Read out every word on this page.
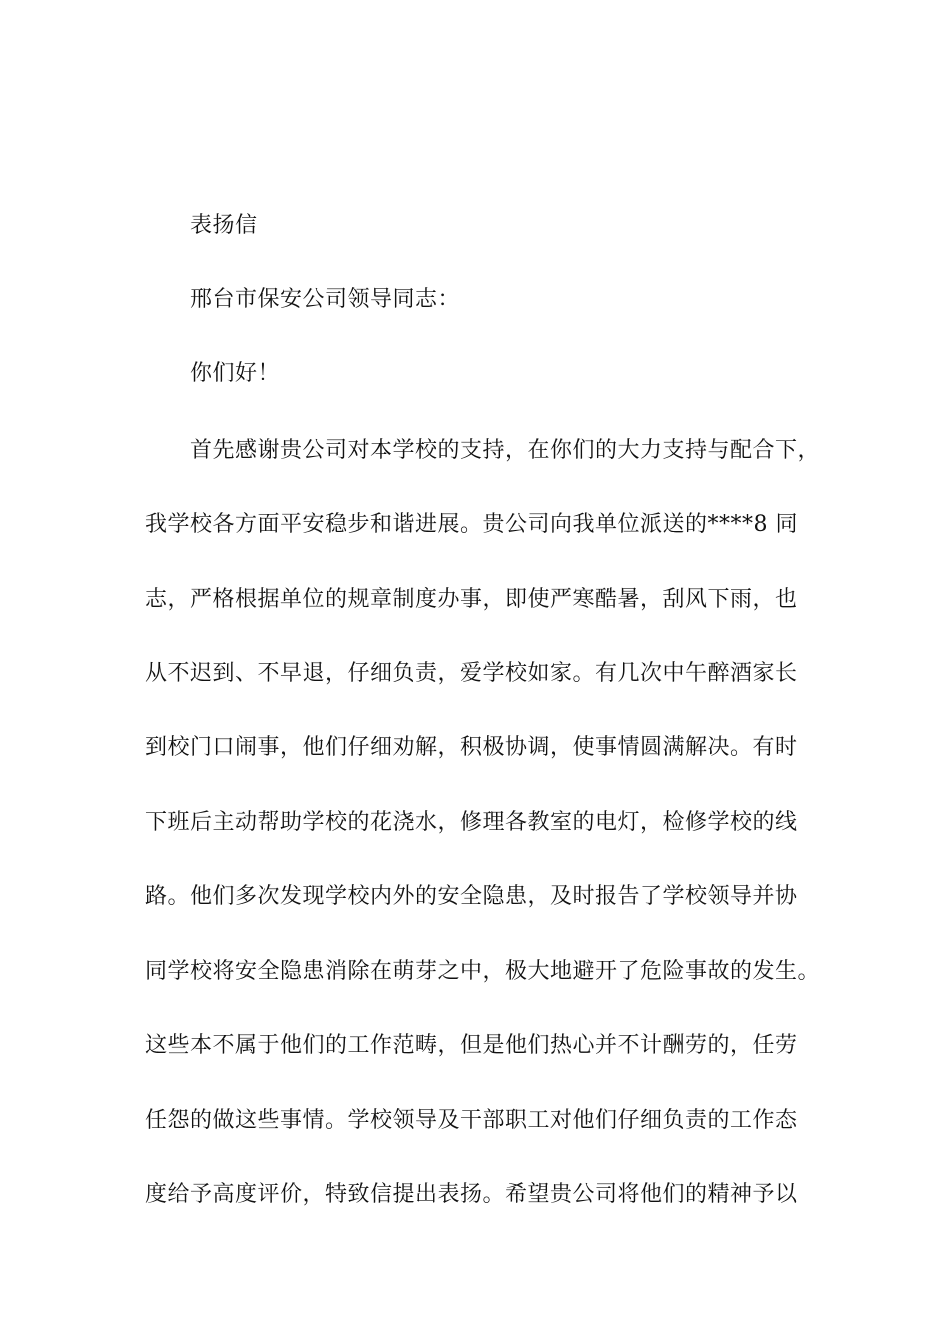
表扬信
邢台市保安公司领导同志：
你们好！
首先感谢贵公司对本学校的支持，在你们的大力支持与配合下，
我学校各方面平安稳步和谐进展。贵公司向我单位派送的****8 同
志，严格根据单位的规章制度办事，即使严寒酷暑，刮风下雨，也
从不迟到、不早退，仔细负责，爱学校如家。有几次中午醉酒家长
到校门口闹事，他们仔细劝解，积极协调，使事情圆满解决。有时
下班后主动帮助学校的花浇水，修理各教室的电灯，检修学校的线
路。他们多次发现学校内外的安全隐患，及时报告了学校领导并协
同学校将安全隐患消除在萌芽之中，极大地避开了危险事故的发生。
这些本不属于他们的工作范畴，但是他们热心并不计酬劳的，任劳
任怨的做这些事情。学校领导及干部职工对他们仔细负责的工作态
度给予高度评价，特致信提出表扬。希望贵公司将他们的精神予以
